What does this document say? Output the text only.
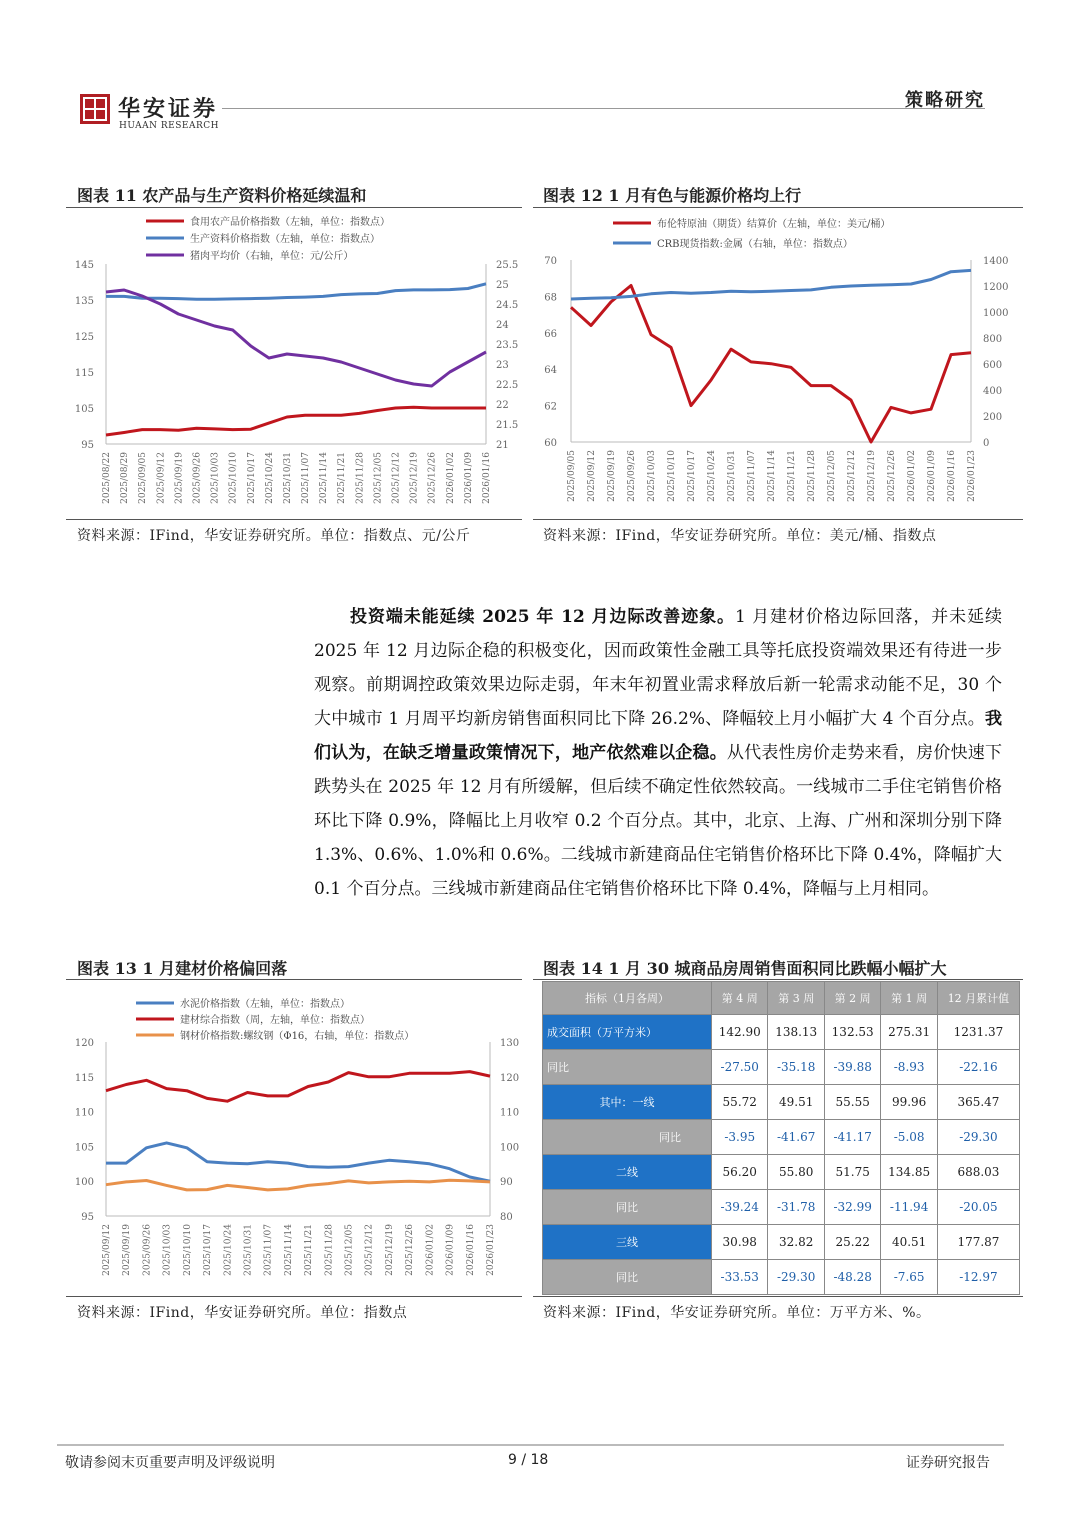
华安证券
HUAAN RESEARCH
策略研究
图表 11 农产品与生产资料价格延续温和
145
135
125
115
105
95
25.5
25
24.5
24
23.5
23
22.5
22
21.5
21
2025/08/22 2025/08/29 2025/09/05 2025/09/12 2025/09/19 2025/09/26 2025/10/03 2025/10/10 2025/10/17 2025/10/24 2025/10/31 2025/11/07 2025/11/14 2025/11/21 2025/11/28 2025/12/05 2025/12/12 2025/12/19 2025/12/26 2026/01/02 2026/01/09 2026/01/16
食用农产品价格指数（左轴，单位：指数点）
生产资料价格指数（左轴，单位：指数点）
猪肉平均价（右轴，单位：元/公斤）
资料来源：IFind，华安证券研究所。单位：指数点、元/公斤
图表 12 1 月有色与能源价格均上行
70
68
66
64
62
60
1400
1200
1000
800
600
400
200
0
2025/09/05 2025/09/12 2025/09/19 2025/09/26 2025/10/03 2025/10/10 2025/10/17 2025/10/24 2025/10/31 2025/11/07 2025/11/14 2025/11/21 2025/11/28 2025/12/05 2025/12/12 2025/12/19 2025/12/26 2026/01/02 2026/01/09 2026/01/16 2026/01/23
布伦特原油（期货）结算价（左轴，单位：美元/桶）
CRB现货指数:金属（右轴，单位：指数点）
资料来源：IFind，华安证券研究所。单位：美元/桶、指数点
投资端未能延续 2025 年 12 月边际改善迹象。1 月建材价格边际回落，并未延续 2025 年 12 月边际企稳的积极变化，因而政策性金融工具等托底投资端效果还有待进一步观察。前期调控政策效果边际走弱，年末年初置业需求释放后新一轮需求动能不足，30 个大中城市 1 月周平均新房销售面积同比下降 26.2%、降幅较上月小幅扩大 4 个百分点。我们认为，在缺乏增量政策情况下，地产依然难以企稳。从代表性房价走势来看，房价快速下跌势头在 2025 年 12 月有所缓解，但后续不确定性依然较高。一线城市二手住宅销售价格环比下降 0.9%，降幅比上月收窄 0.2 个百分点。其中，北京、上海、广州和深圳分别下降 1.3%、0.6%、1.0%和 0.6%。二线城市新建商品住宅销售价格环比下降 0.4%，降幅扩大 0.1 个百分点。三线城市新建商品住宅销售价格环比下降 0.4%，降幅与上月相同。
图表 13 1 月建材价格偏回落
120
115
110
105
100
95
130
120
110
100
90
80
2025/09/12 2025/09/19 2025/09/26 2025/10/03 2025/10/10 2025/10/17 2025/10/24 2025/10/31 2025/11/07 2025/11/14 2025/11/21 2025/11/28 2025/12/05 2025/12/12 2025/12/19 2025/12/26 2026/01/02 2026/01/09 2026/01/16 2026/01/23
水泥价格指数（左轴，单位：指数点）
建材综合指数（周，左轴，单位：指数点）
钢材价格指数:螺纹钢（Φ16，右轴，单位：指数点）
资料来源：IFind，华安证券研究所。单位：指数点
图表 14 1 月 30 城商品房周销售面积同比跌幅小幅扩大
指标（1月各周）	第 4 周	第 3 周	第 2 周	第 1 周	12 月累计值
成交面积（万平方米）	142.90	138.13	132.53	275.31	1231.37
同比	-27.50	-35.18	-39.88	-8.93	-22.16
其中：一线	55.72	49.51	55.55	99.96	365.47
同比	-3.95	-41.67	-41.17	-5.08	-29.30
二线	56.20	55.80	51.75	134.85	688.03
同比	-39.24	-31.78	-32.99	-11.94	-20.05
三线	30.98	32.82	25.22	40.51	177.87
同比	-33.53	-29.30	-48.28	-7.65	-12.97
资料来源：IFind，华安证券研究所。单位：万平方米、%。
敬请参阅末页重要声明及评级说明	9 / 18	证券研究报告
